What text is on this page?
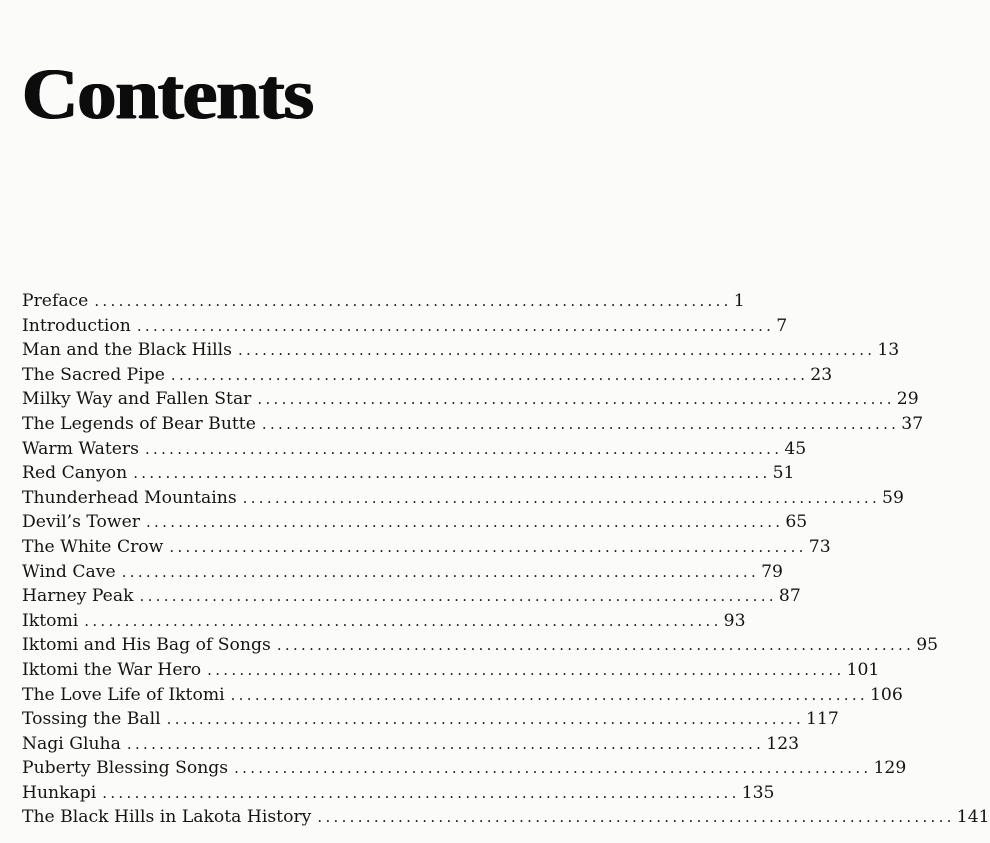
Contents
Preface ............................................................................... 1
Introduction ............................................................................... 7
Man and the Black Hills ............................................................................... 13
The Sacred Pipe ............................................................................... 23
Milky Way and Fallen Star ............................................................................... 29
The Legends of Bear Butte ............................................................................... 37
Warm Waters ............................................................................... 45
Red Canyon ............................................................................... 51
Thunderhead Mountains ............................................................................... 59
Devil’s Tower ............................................................................... 65
The White Crow ............................................................................... 73
Wind Cave ............................................................................... 79
Harney Peak ............................................................................... 87
Iktomi ............................................................................... 93
Iktomi and His Bag of Songs ............................................................................... 95
Iktomi the War Hero ............................................................................... 101
The Love Life of Iktomi ............................................................................... 106
Tossing the Ball ............................................................................... 117
Nagi Gluha ............................................................................... 123
Puberty Blessing Songs ............................................................................... 129
Hunkapi ............................................................................... 135
The Black Hills in Lakota History ............................................................................... 141
